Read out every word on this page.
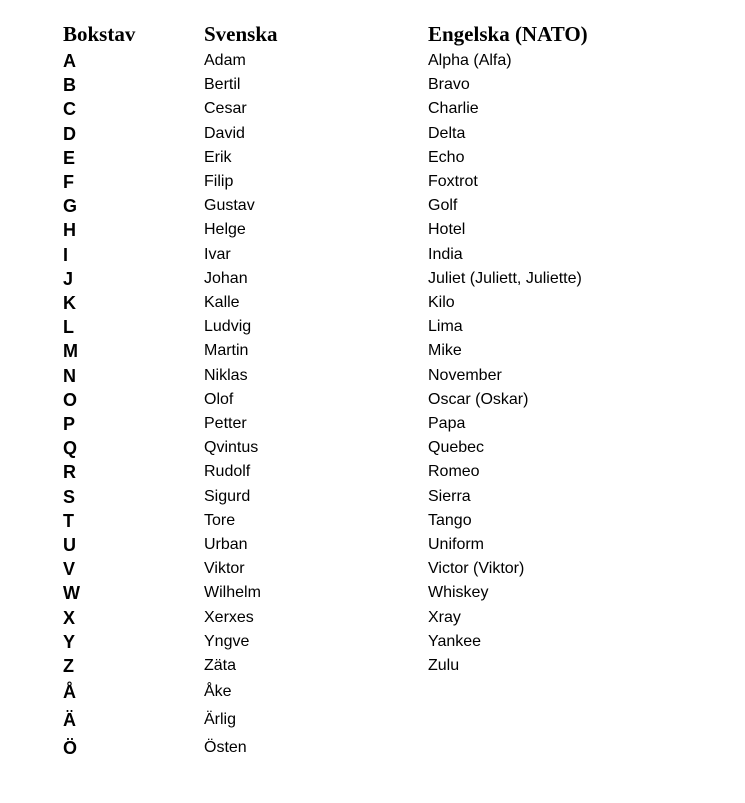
Bokstav	Svenska	Engelska (NATO)
A	Adam	Alpha (Alfa)
B	Bertil	Bravo
C	Cesar	Charlie
D	David	Delta
E	Erik	Echo
F	Filip	Foxtrot
G	Gustav	Golf
H	Helge	Hotel
I	Ivar	India
J	Johan	Juliet (Juliett, Juliette)
K	Kalle	Kilo
L	Ludvig	Lima
M	Martin	Mike
N	Niklas	November
O	Olof	Oscar (Oskar)
P	Petter	Papa
Q	Qvintus	Quebec
R	Rudolf	Romeo
S	Sigurd	Sierra
T	Tore	Tango
U	Urban	Uniform
V	Viktor	Victor (Viktor)
W	Wilhelm	Whiskey
X	Xerxes	Xray
Y	Yngve	Yankee
Z	Zäta	Zulu
Å	Åke
Ä	Ärlig
Ö	Östen
